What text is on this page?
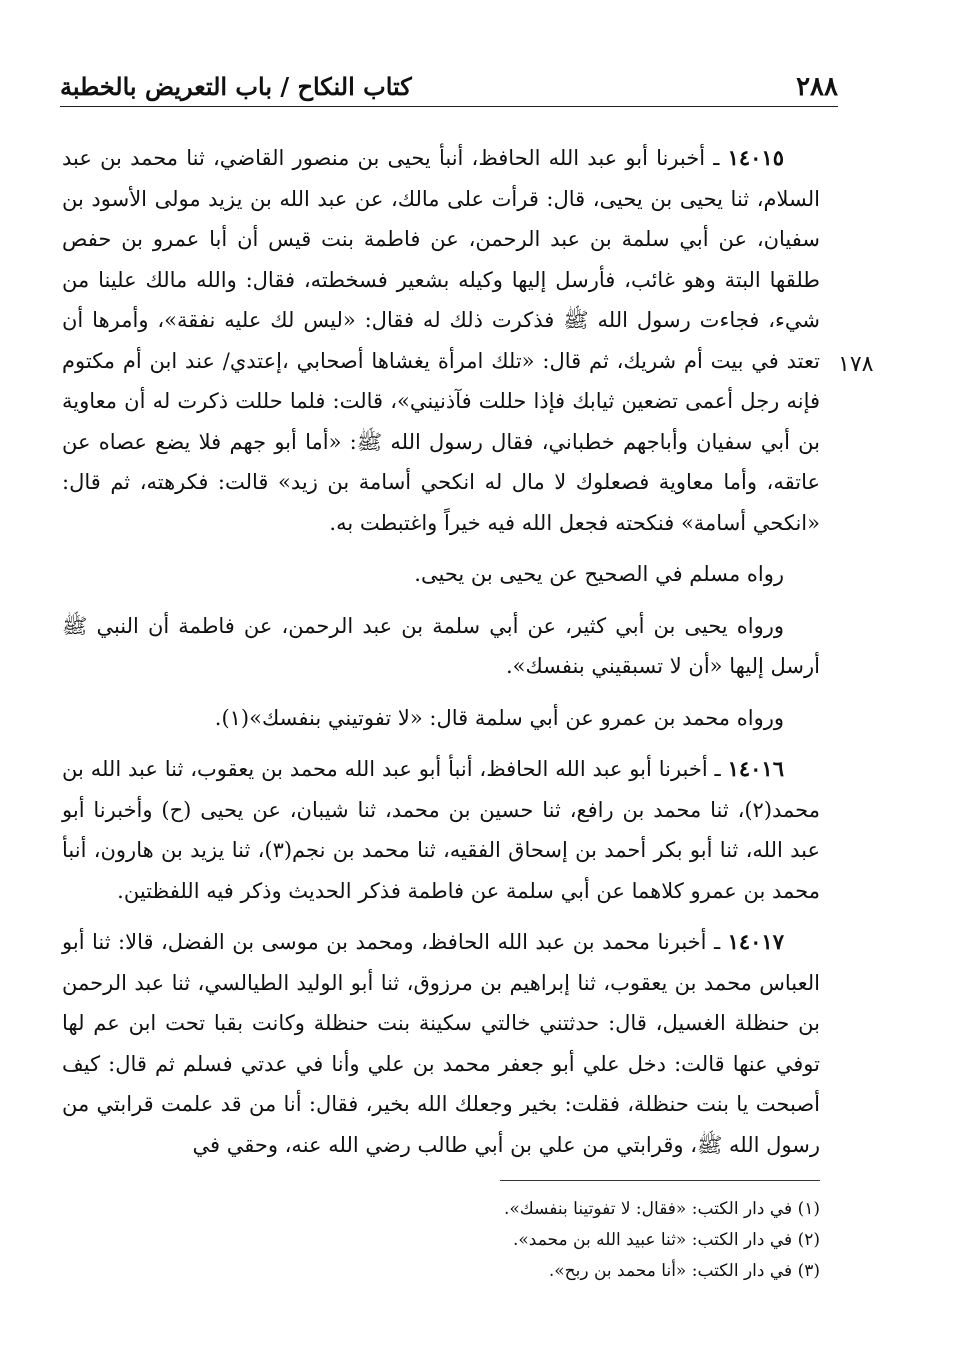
٢٨٨
كتاب النكاح / باب التعريض بالخطبة
١٧٨

١٤٠١٥ ـ أخبرنا أبو عبد الله الحافظ، أنبأ يحيى بن منصور القاضي، ثنا محمد بن عبد السلام، ثنا يحيى بن يحيى، قال: قرأت على مالك، عن عبد الله بن يزيد مولى الأسود بن سفيان، عن أبي سلمة بن عبد الرحمن، عن فاطمة بنت قيس أن أبا عمرو بن حفص طلقها البتة وهو غائب، فأرسل إليها وكيله بشعير فسخطته، فقال: والله مالك علينا من شيء، فجاءت رسول الله ﷺ فذكرت ذلك له فقال: «ليس لك عليه نفقة»، وأمرها أن تعتد في بيت أم شريك، ثم قال: «تلك امرأة يغشاها أصحابي ،إعتدي/ عند ابن أم مكتوم فإنه رجل أعمى تضعين ثيابك فإذا حللت فآذنيني»، قالت: فلما حللت ذكرت له أن معاوية بن أبي سفيان وأباجهم خطباني، فقال رسول الله ﷺ: «أما أبو جهم فلا يضع عصاه عن عاتقه، وأما معاوية فصعلوك لا مال له انكحي أسامة بن زيد» قالت: فكرهته، ثم قال: «انكحي أسامة» فنكحته فجعل الله فيه خيراً واغتبطت به.

رواه مسلم في الصحيح عن يحيى بن يحيى.

ورواه يحيى بن أبي كثير، عن أبي سلمة بن عبد الرحمن، عن فاطمة أن النبي ﷺ أرسل إليها «أن لا تسبقيني بنفسك».

ورواه محمد بن عمرو عن أبي سلمة قال: «لا تفوتيني بنفسك»(١).

١٤٠١٦ ـ أخبرنا أبو عبد الله الحافظ، أنبأ أبو عبد الله محمد بن يعقوب، ثنا عبد الله بن محمد(٢)، ثنا محمد بن رافع، ثنا حسين بن محمد، ثنا شيبان، عن يحيى (ح) وأخبرنا أبو عبد الله، ثنا أبو بكر أحمد بن إسحاق الفقيه، ثنا محمد بن نجم(٣)، ثنا يزيد بن هارون، أنبأ محمد بن عمرو كلاهما عن أبي سلمة عن فاطمة فذكر الحديث وذكر فيه اللفظتين.

١٤٠١٧ ـ أخبرنا محمد بن عبد الله الحافظ، ومحمد بن موسى بن الفضل، قالا: ثنا أبو العباس محمد بن يعقوب، ثنا إبراهيم بن مرزوق، ثنا أبو الوليد الطيالسي، ثنا عبد الرحمن بن حنظلة الغسيل، قال: حدثتني خالتي سكينة بنت حنظلة وكانت بقبا تحت ابن عم لها توفي عنها قالت: دخل علي أبو جعفر محمد بن علي وأنا في عدتي فسلم ثم قال: كيف أصبحت يا بنت حنظلة، فقلت: بخير وجعلك الله بخير، فقال: أنا من قد علمت قرابتي من رسول الله ﷺ، وقرابتي من علي بن أبي طالب رضي الله عنه، وحقي في

(١) في دار الكتب: «فقال: لا تفوتينا بنفسك».

(٢) في دار الكتب: «ثنا عبيد الله بن محمد».

(٣) في دار الكتب: «أنا محمد بن ربح».
